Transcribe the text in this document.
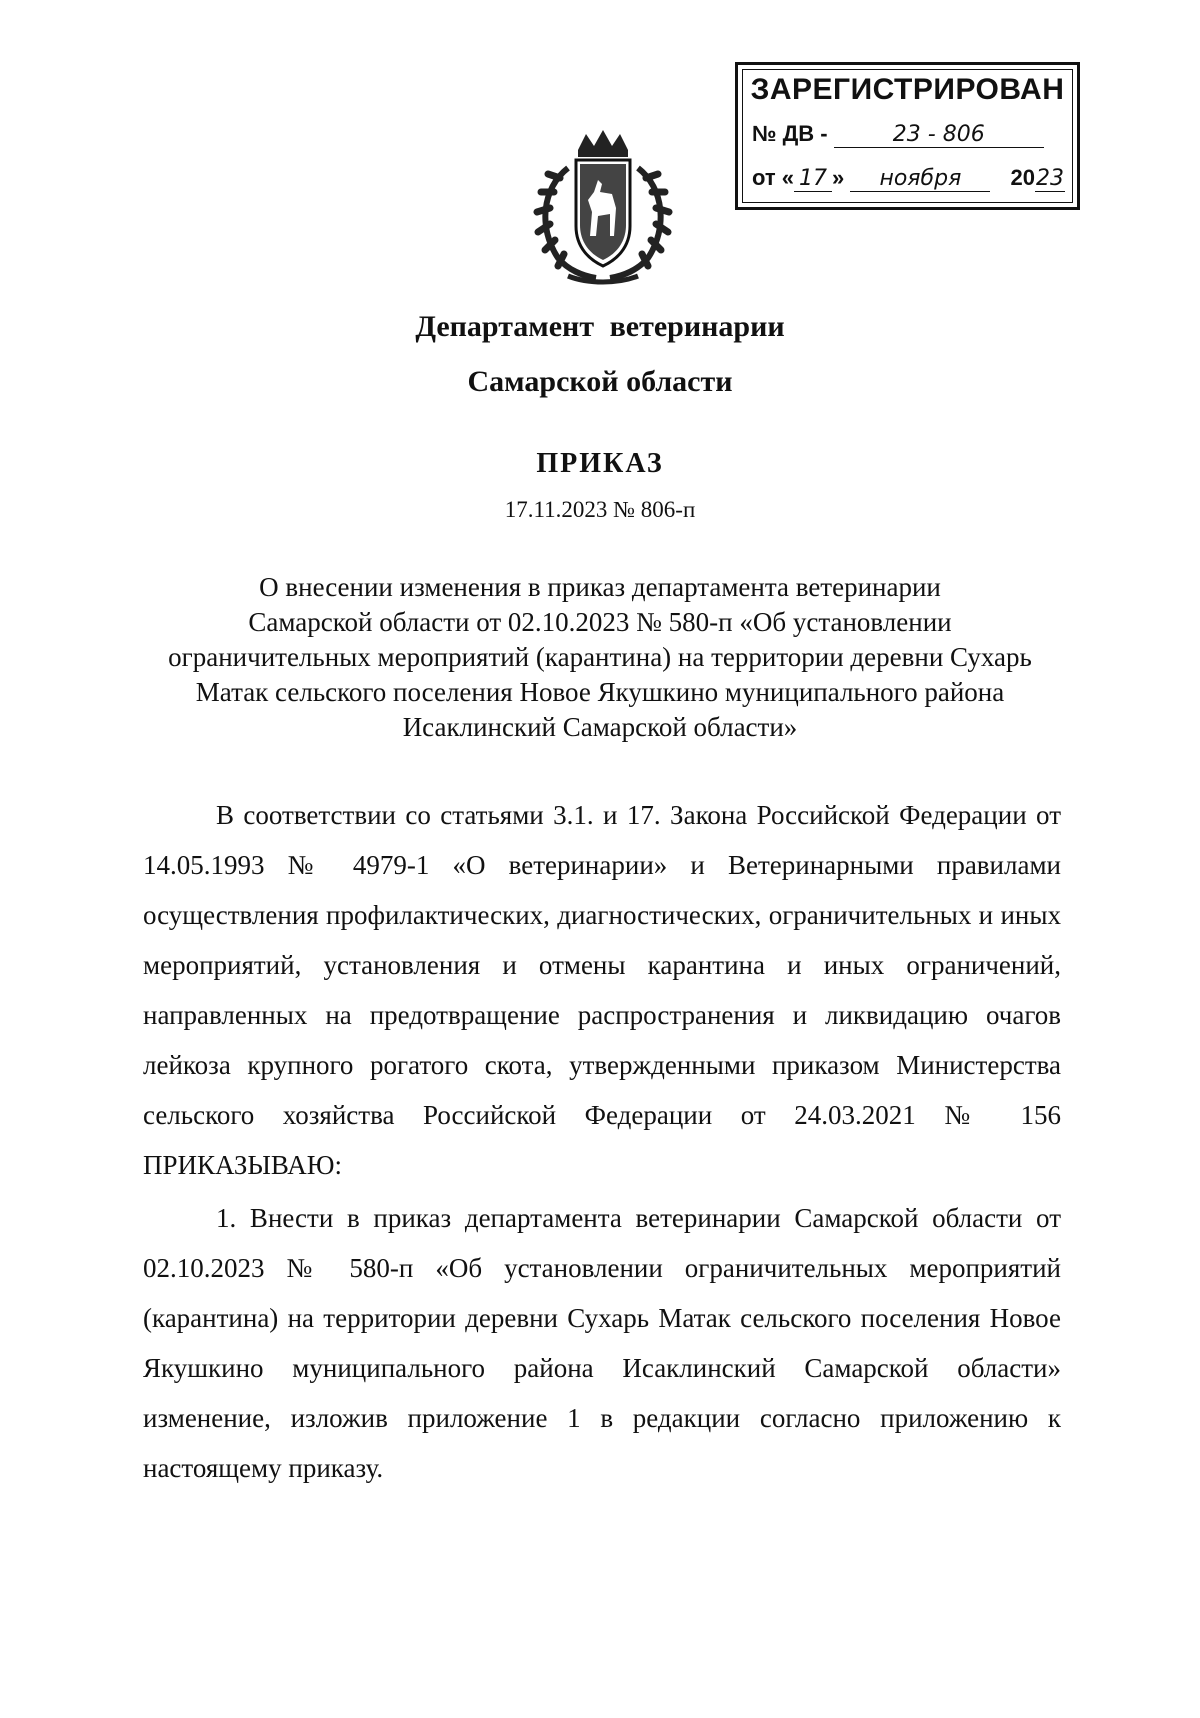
ЗАРЕГИСТРИРОВАН
№ ДВ -	23 - 806
от « 17 » ноября 2023
Департамент ветеринарии
Самарской области
ПРИКАЗ
17.11.2023 № 806-п
О внесении изменения в приказ департамента ветеринарии
Самарской области от 02.10.2023 № 580-п «Об установлении
ограничительных мероприятий (карантина) на территории деревни Сухарь
Матак сельского поселения Новое Якушкино муниципального района
Исаклинский Самарской области»
В соответствии со статьями 3.1. и 17. Закона Российской Федерации от 14.05.1993 № 4979-1 «О ветеринарии» и Ветеринарными правилами осуществления профилактических, диагностических, ограничительных и иных мероприятий, установления и отмены карантина и иных ограничений, направленных на предотвращение распространения и ликвидацию очагов лейкоза крупного рогатого скота, утвержденными приказом Министерства сельского хозяйства Российской Федерации от 24.03.2021 № 156 ПРИКАЗЫВАЮ:
1. Внести в приказ департамента ветеринарии Самарской области от 02.10.2023 № 580-п «Об установлении ограничительных мероприятий (карантина) на территории деревни Сухарь Матак сельского поселения Новое Якушкино муниципального района Исаклинский Самарской области» изменение, изложив приложение 1 в редакции согласно приложению к настоящему приказу.
